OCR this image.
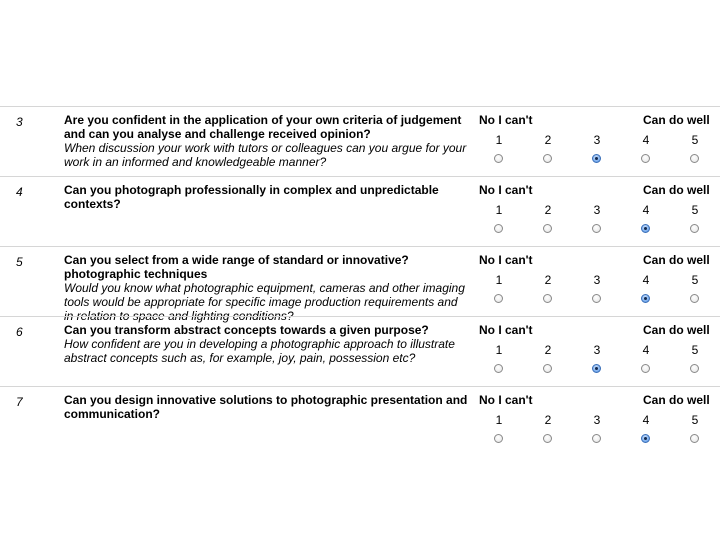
3	Are you confident in the application of your own criteria of judgement and can you analyse and challenge received opinion?
When discussion your work with tutors or colleagues can you argue for your work in an informed and knowledgeable manner?
No I can't	Can do well
1	2	3	4	5
4	Can you photograph professionally in complex and unpredictable contexts?
No I can't	Can do well
1	2	3	4	5
5	Can you select from a wide range of standard or innovative? photographic techniques
Would you know what photographic equipment, cameras and other imaging tools would be appropriate for specific image production requirements and in relation to space and lighting conditions?
No I can't	Can do well
1	2	3	4	5
6	Can you transform abstract concepts towards a given purpose?
How confident are you in developing a photographic approach to illustrate abstract concepts such as, for example, joy, pain, possession etc?
No I can't	Can do well
1	2	3	4	5
7	Can you design innovative solutions to photographic presentation and communication?
No I can't	Can do well
1	2	3	4	5
